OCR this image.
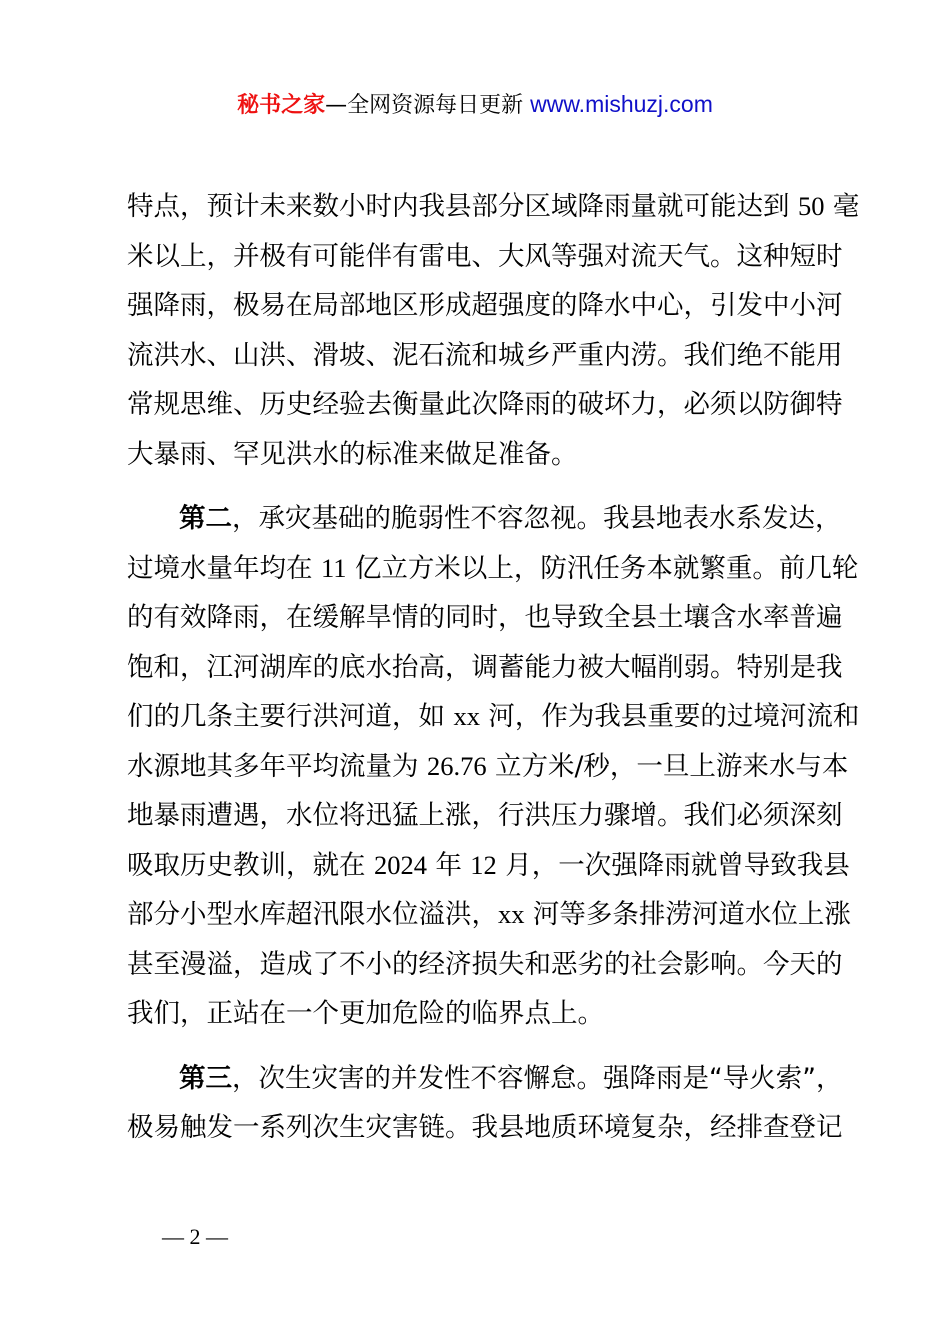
秘书之家—全网资源每日更新 www.mishuzj.com
特点，预计未来数小时内我县部分区域降雨量就可能达到 50 毫
米以上，并极有可能伴有雷电、大风等强对流天气。这种短时
强降雨，极易在局部地区形成超强度的降水中心，引发中小河
流洪水、山洪、滑坡、泥石流和城乡严重内涝。我们绝不能用
常规思维、历史经验去衡量此次降雨的破坏力，必须以防御特
大暴雨、罕见洪水的标准来做足准备。
第二，承灾基础的脆弱性不容忽视。我县地表水系发达，
过境水量年均在 11 亿立方米以上，防汛任务本就繁重。前几轮
的有效降雨，在缓解旱情的同时，也导致全县土壤含水率普遍
饱和，江河湖库的底水抬高，调蓄能力被大幅削弱。特别是我
们的几条主要行洪河道，如 xx 河，作为我县重要的过境河流和
水源地其多年平均流量为 26.76 立方米/秒，一旦上游来水与本
地暴雨遭遇，水位将迅猛上涨，行洪压力骤增。我们必须深刻
吸取历史教训，就在 2024 年 12 月，一次强降雨就曾导致我县
部分小型水库超汛限水位溢洪，xx 河等多条排涝河道水位上涨
甚至漫溢，造成了不小的经济损失和恶劣的社会影响。今天的
我们，正站在一个更加危险的临界点上。
第三，次生灾害的并发性不容懈怠。强降雨是“导火索”，
极易触发一系列次生灾害链。我县地质环境复杂，经排查登记
— 2 —
